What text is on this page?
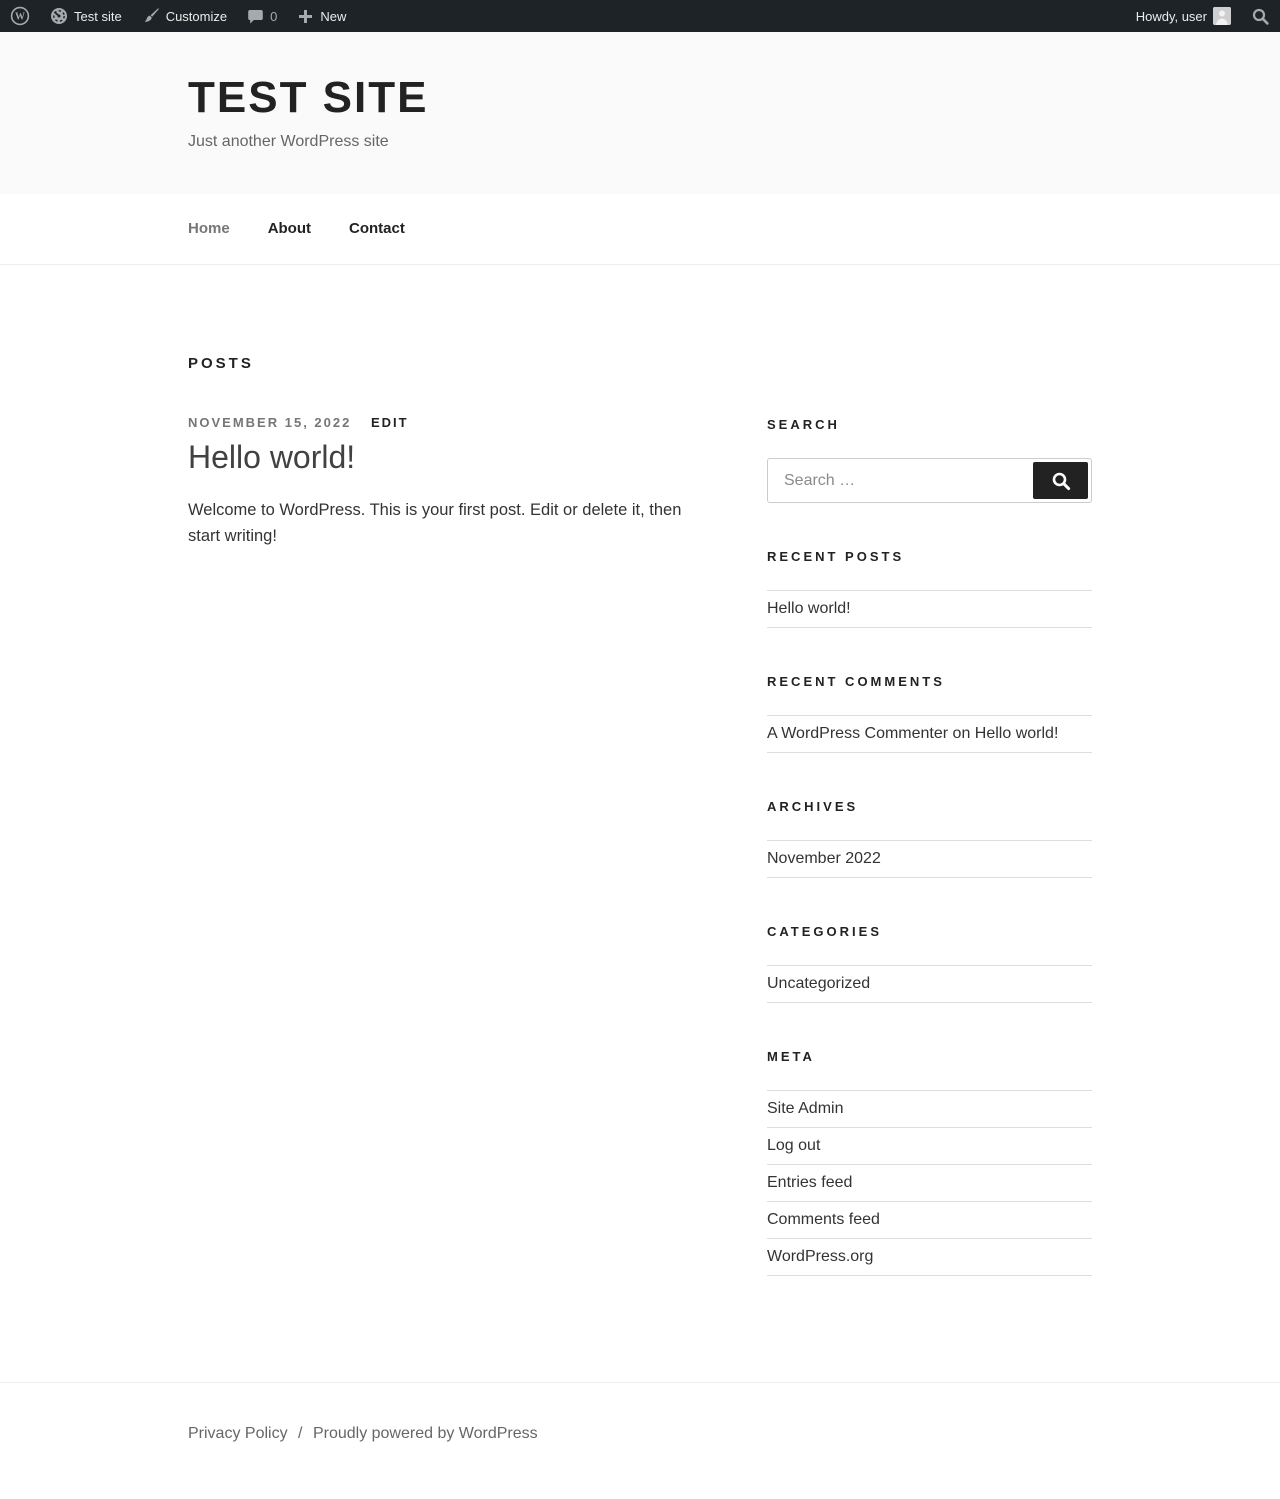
W	Test site	Customize	0	New	Howdy, user
TEST SITE

Just another WordPress site

Home	About	Contact
POSTS

NOVEMBER 15, 2022 EDIT

Hello world!

Welcome to WordPress. This is your first post. Edit or delete it, then start writing!

SEARCH
Search …
RECENT POSTS
Hello world!
RECENT COMMENTS
A WordPress Commenter on Hello world!
ARCHIVES
November 2022
CATEGORIES
Uncategorized
META
Site Admin
Log out
Entries feed
Comments feed
WordPress.org
Privacy Policy / Proudly powered by WordPress
